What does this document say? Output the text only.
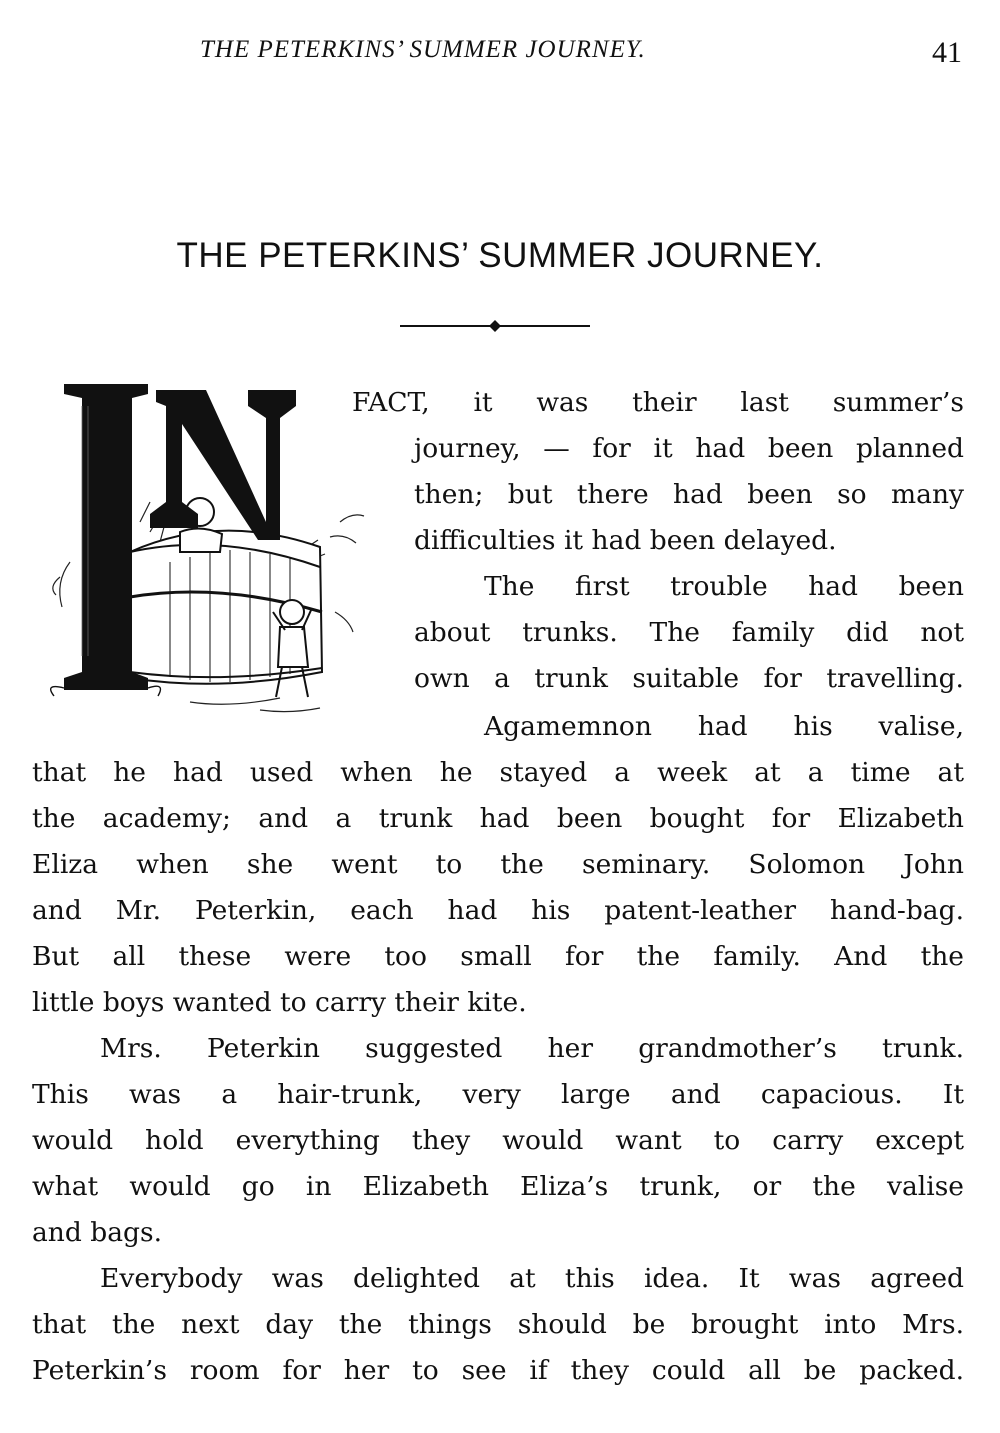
THE PETERKINS’ SUMMER JOURNEY.	41
THE PETERKINS’ SUMMER JOURNEY.
FACT, it was their last summer’s
journey, — for it had been planned
then; but there had been so many
difficulties it had been delayed.
The first trouble had been
about trunks. The family did not
own a trunk suitable for travelling.
Agamemnon had his valise,
that he had used when he stayed a week at a time at
the academy; and a trunk had been bought for Elizabeth
Eliza when she went to the seminary. Solomon John
and Mr. Peterkin, each had his patent-leather hand-bag.
But all these were too small for the family. And the
little boys wanted to carry their kite.
Mrs. Peterkin suggested her grandmother’s trunk.
This was a hair-trunk, very large and capacious. It
would hold everything they would want to carry except
what would go in Elizabeth Eliza’s trunk, or the valise
and bags.
Everybody was delighted at this idea. It was agreed
that the next day the things should be brought into Mrs.
Peterkin’s room for her to see if they could all be packed.
